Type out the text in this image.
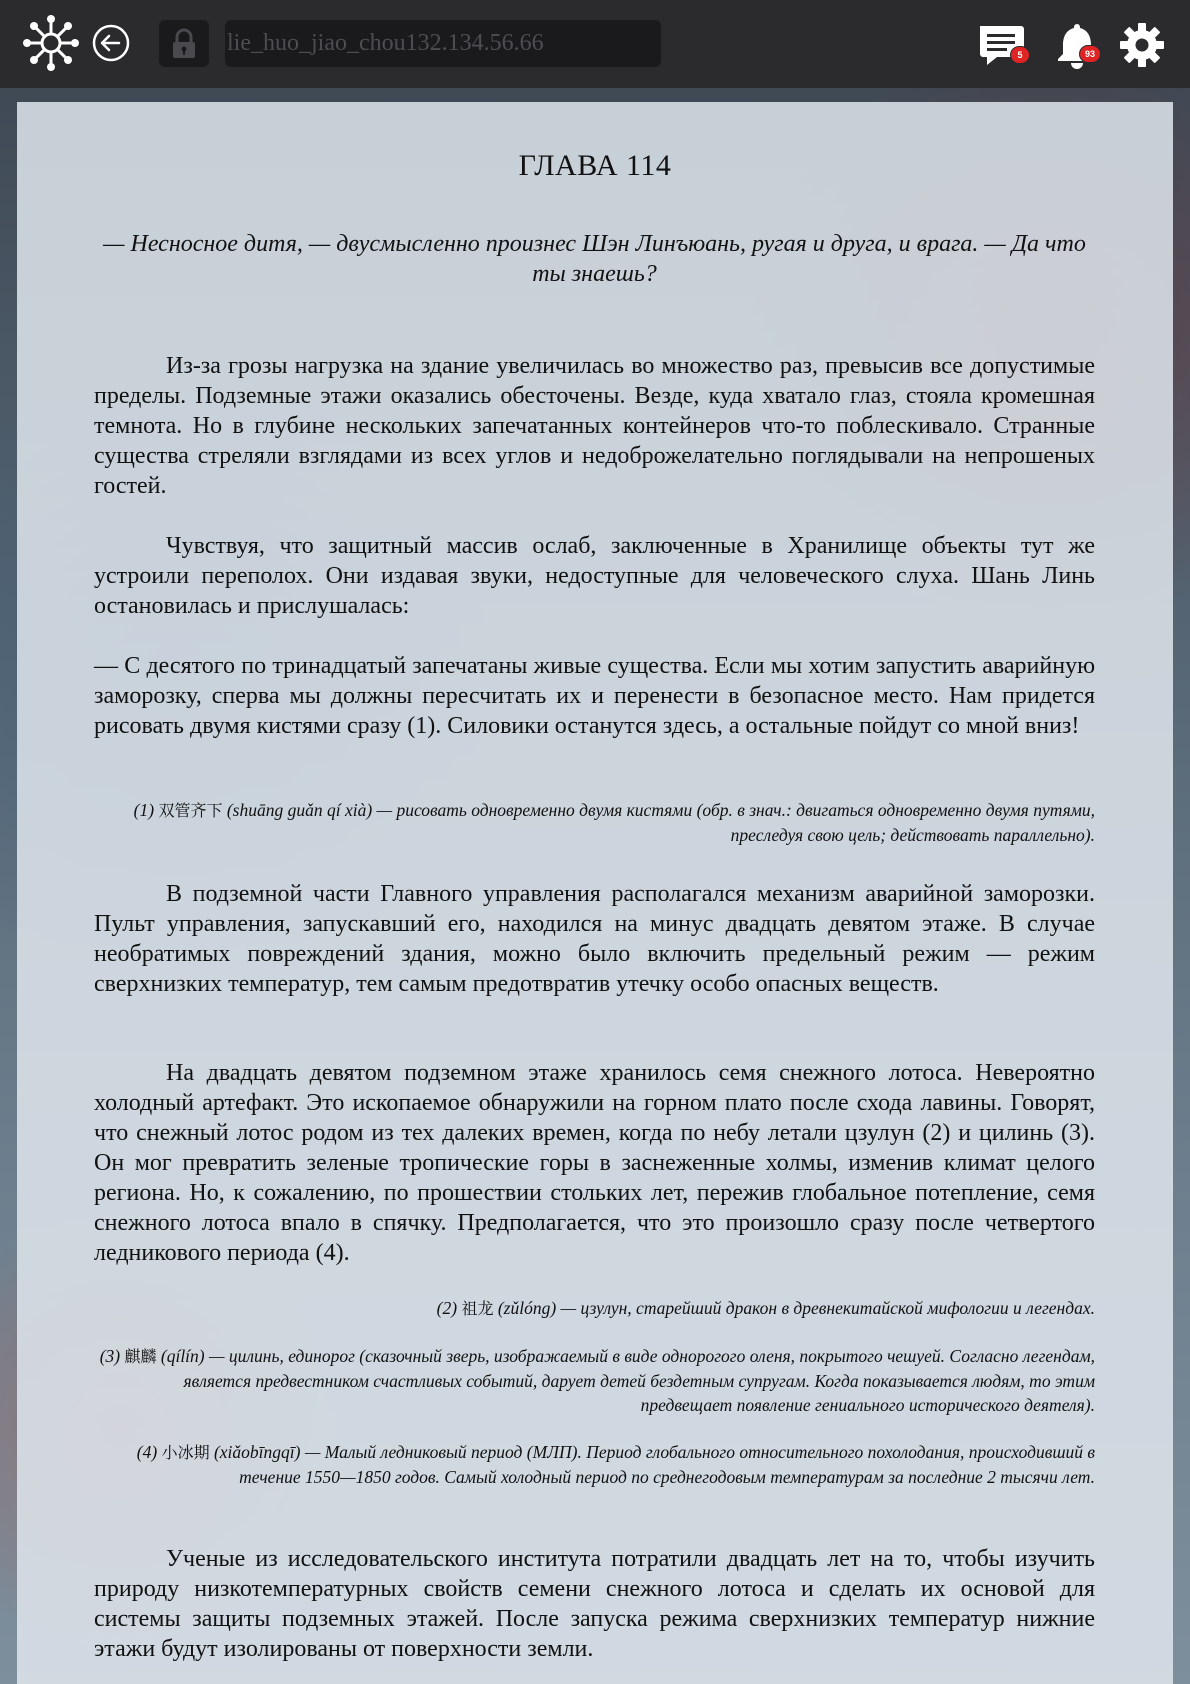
lie_huo_jiao_chou132.134.56.66	5	93
ГЛАВА 114

— Несносное дитя, — двусмысленно произнес Шэн Линъюань, ругая и друга, и врага. — Да что ты знаешь?

Из-за грозы нагрузка на здание увеличилась во множество раз, превысив все допустимые пределы. Подземные этажи оказались обесточены. Везде, куда хватало глаз, стояла кромешная темнота. Но в глубине нескольких запечатанных контейнеров что-то поблескивало. Странные существа стреляли взглядами из всех углов и недоброжелательно поглядывали на непрошеных гостей.

Чувствуя, что защитный массив ослаб, заключенные в Хранилище объекты тут же устроили переполох. Они издавая звуки, недоступные для человеческого слуха. Шань Линь остановилась и прислушалась:

— С десятого по тринадцатый запечатаны живые существа. Если мы хотим запустить аварийную заморозку, сперва мы должны пересчитать их и перенести в безопасное место. Нам придется рисовать двумя кистями сразу (1). Силовики останутся здесь, а остальные пойдут со мной вниз!

(1) 双管齐下 (shuāng guǎn qí xià) — рисовать одновременно двумя кистями (обр. в знач.: двигаться одновременно двумя путями, преследуя свою цель; действовать параллельно).

В подземной части Главного управления располагался механизм аварийной заморозки. Пульт управления, запускавший его, находился на минус двадцать девятом этаже. В случае необратимых повреждений здания, можно было включить предельный режим — режим сверхнизких температур, тем самым предотвратив утечку особо опасных веществ.

На двадцать девятом подземном этаже хранилось семя снежного лотоса. Невероятно холодный артефакт. Это ископаемое обнаружили на горном плато после схода лавины. Говорят, что снежный лотос родом из тех далеких времен, когда по небу летали цзулун (2) и цилинь (3). Он мог превратить зеленые тропические горы в заснеженные холмы, изменив климат целого региона. Но, к сожалению, по прошествии стольких лет, пережив глобальное потепление, семя снежного лотоса впало в спячку. Предполагается, что это произошло сразу после четвертого ледникового периода (4).

(2) 祖龙 (zǔlóng) — цзулун, старейший дракон в древнекитайской мифологии и легендах.

(3) 麒麟 (qílín) — цилинь, единорог (сказочный зверь, изображаемый в виде однорогого оленя, покрытого чешуей. Согласно легендам, является предвестником счастливых событий, дарует детей бездетным супругам. Когда показывается людям, то этим предвещает появление гениального исторического деятеля).

(4) 小冰期 (xiǎobīngqī) — Малый ледниковый период (МЛП). Период глобального относительного похолодания, происходивший в течение 1550—1850 годов. Самый холодный период по среднегодовым температурам за последние 2 тысячи лет.

Ученые из исследовательского института потратили двадцать лет на то, чтобы изучить природу низкотемпературных свойств семени снежного лотоса и сделать их основой для системы защиты подземных этажей. После запуска режима сверхнизких температур нижние этажи будут изолированы от поверхности земли.
